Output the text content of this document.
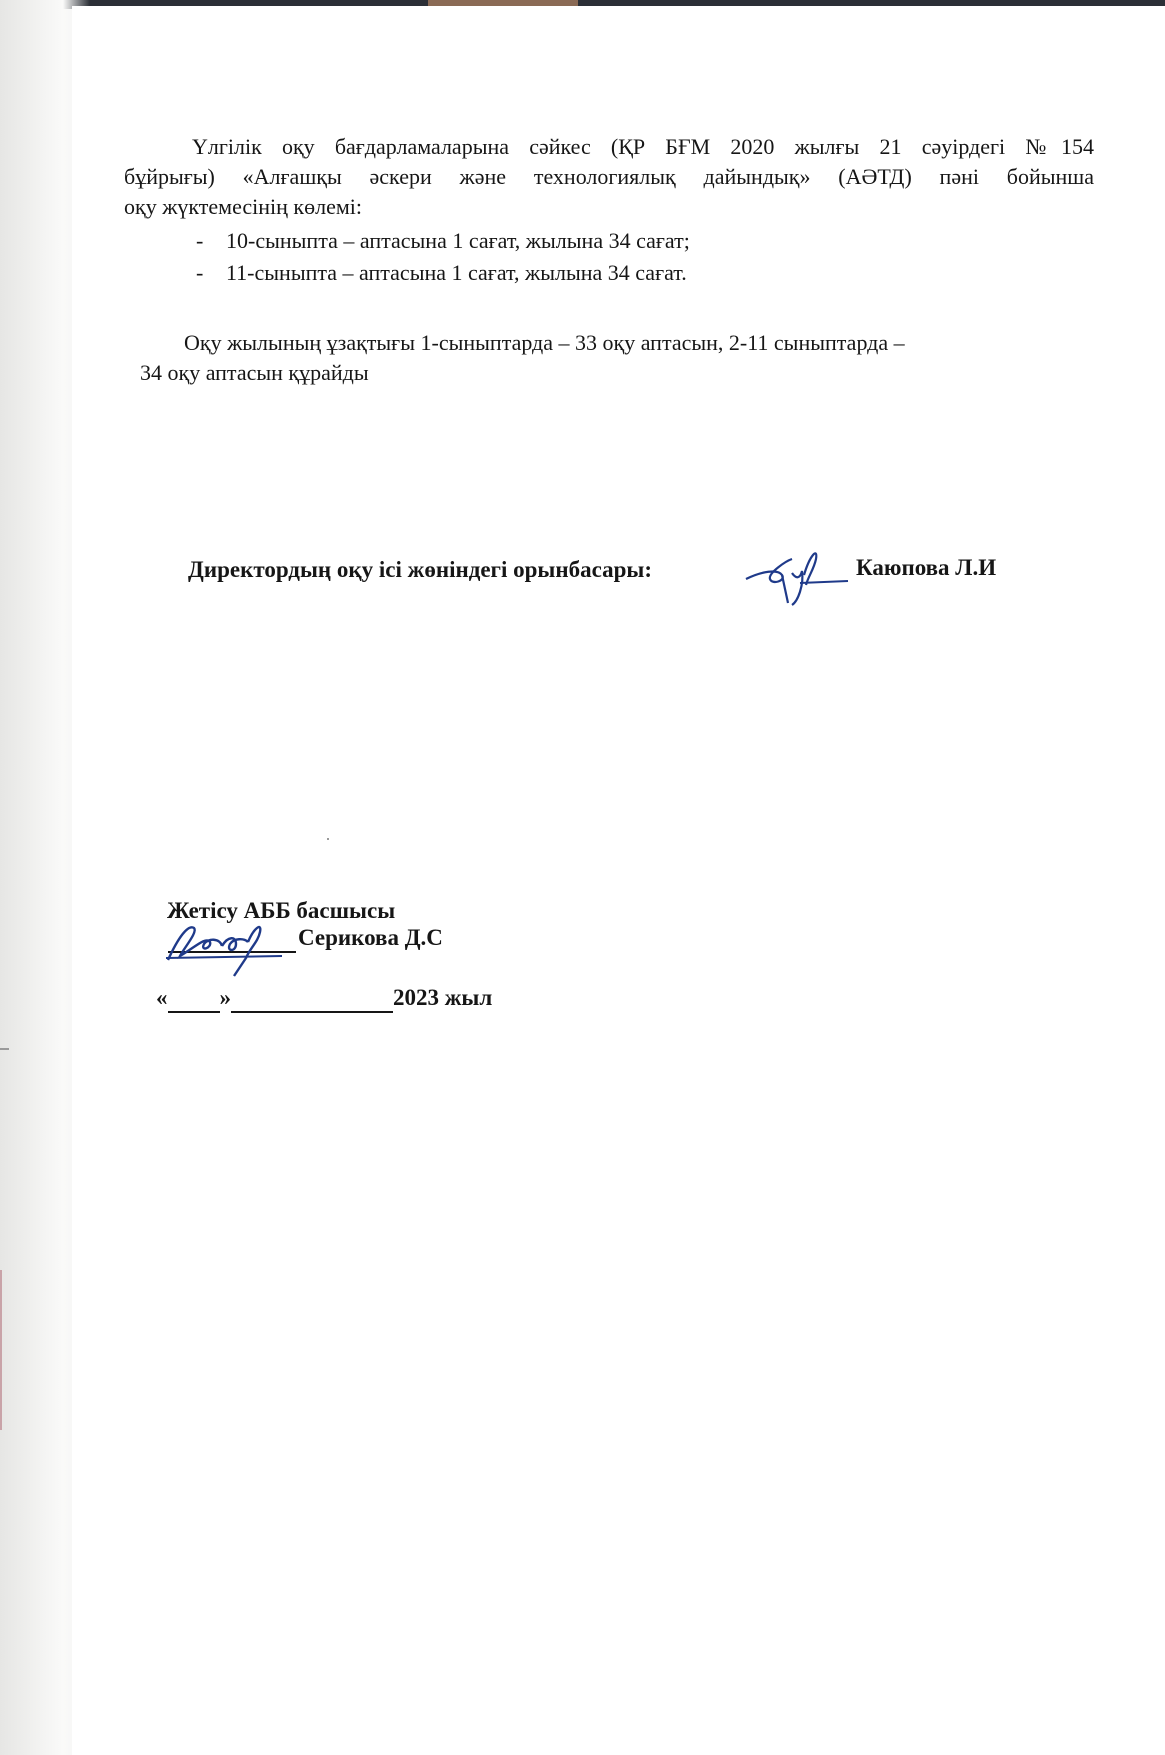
Үлгілік оқу бағдарламаларына сәйкес (ҚР БҒМ 2020 жылғы 21 сәуірдегі №154
бұйрығы) «Алғашқы әскери және технологиялық дайындық» (АӘТД) пәні бойынша
оқу жүктемесінің көлемі:
- 10-сыныпта – аптасына 1 сағат, жылына 34 сағат;
- 11-сыныпта – аптасына 1 сағат, жылына 34 сағат.
Оқу жылының ұзақтығы 1-сыныптарда – 33 оқу аптасын, 2-11 сыныптарда –
34 оқу аптасын құрайды
Директордың оқу ісі жөніндегі орынбасары:	Каюпова Л.И
Жетісу АББ басшысы
Серикова Д.С
« »	2023 жыл
